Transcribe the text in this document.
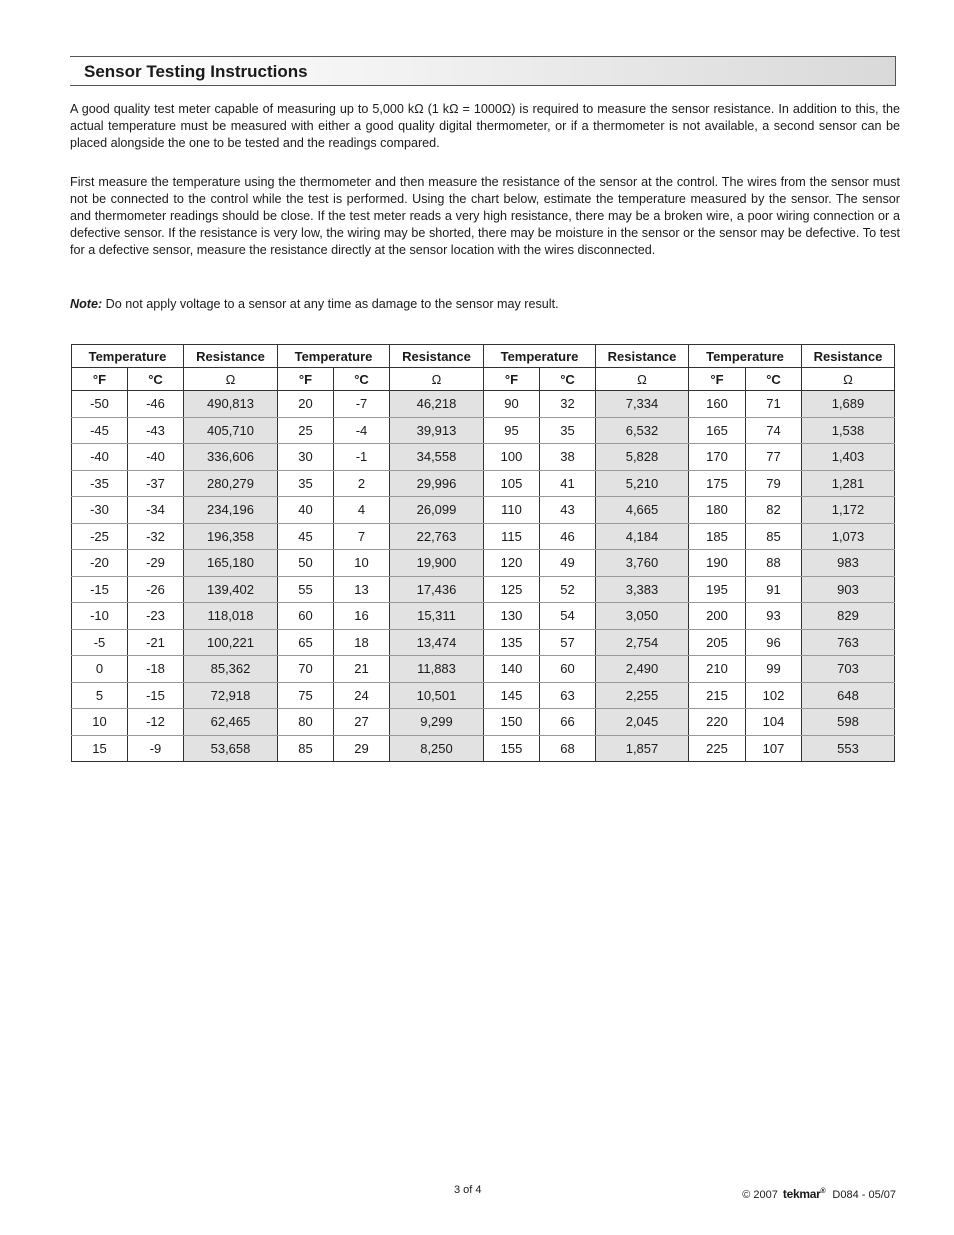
Sensor Testing Instructions

A good quality test meter capable of measuring up to 5,000 kΩ (1 kΩ = 1000Ω) is required to measure the sensor resistance. In addition to this, the actual temperature must be measured with either a good quality digital thermometer, or if a thermometer is not available, a second sensor can be placed alongside the one to be tested and the readings compared.

First measure the temperature using the thermometer and then measure the resistance of the sensor at the control. The wires from the sensor must not be connected to the control while the test is performed. Using the chart below, estimate the temperature measured by the sensor. The sensor and thermometer readings should be close. If the test meter reads a very high resistance, there may be a broken wire, a poor wiring connection or a defective sensor. If the resistance is very low, the wiring may be shorted, there may be moisture in the sensor or the sensor may be defective. To test for a defective sensor, measure the resistance directly at the sensor location with the wires disconnected.

Note: Do not apply voltage to a sensor at any time as damage to the sensor may result.

Temperature		Resistance	Temperature		Resistance	Temperature		Resistance	Temperature		Resistance
°F	°C	Ω	°F	°C	Ω	°F	°C	Ω	°F	°C	Ω
-50	-46	490,813	20	-7	46,218	90	32	7,334	160	71	1,689
-45	-43	405,710	25	-4	39,913	95	35	6,532	165	74	1,538
-40	-40	336,606	30	-1	34,558	100	38	5,828	170	77	1,403
-35	-37	280,279	35	2	29,996	105	41	5,210	175	79	1,281
-30	-34	234,196	40	4	26,099	110	43	4,665	180	82	1,172
-25	-32	196,358	45	7	22,763	115	46	4,184	185	85	1,073
-20	-29	165,180	50	10	19,900	120	49	3,760	190	88	983
-15	-26	139,402	55	13	17,436	125	52	3,383	195	91	903
-10	-23	118,018	60	16	15,311	130	54	3,050	200	93	829
-5	-21	100,221	65	18	13,474	135	57	2,754	205	96	763
0	-18	85,362	70	21	11,883	140	60	2,490	210	99	703
5	-15	72,918	75	24	10,501	145	63	2,255	215	102	648
10	-12	62,465	80	27	9,299	150	66	2,045	220	104	598
15	-9	53,658	85	29	8,250	155	68	1,857	225	107	553
3 of 4	© 2007 tekmar® D084 - 05/07
